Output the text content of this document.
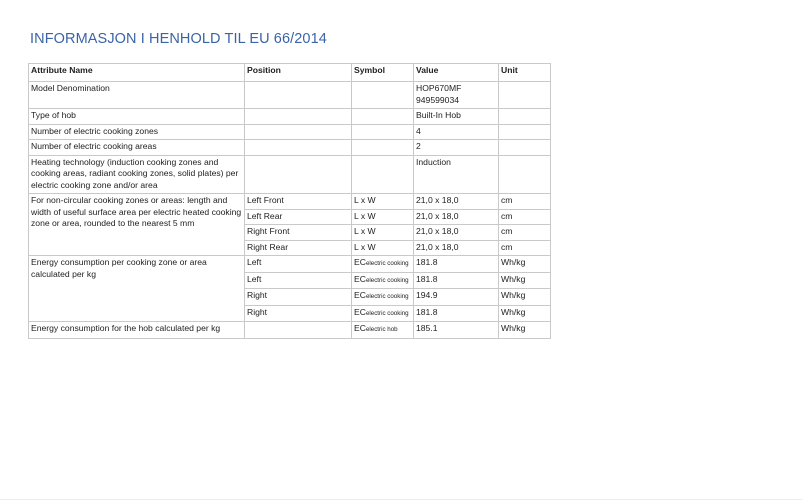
INFORMASJON I HENHOLD TIL EU 66/2014
Attribute Name	Position	Symbol	Value	Unit
Model Denomination			HOP670MF
949599034	

Type of hob			Built-In Hob	
Number of electric cooking zones			4	
Number of electric cooking areas			2	
Heating technology (induction cooking zones and cooking areas, radiant cooking zones, solid plates) per electric cooking zone and/or area			Induction	
For non-circular cooking zones or areas: length and width of useful surface area per electric heated cooking zone or area, rounded to the nearest 5 mm	Left Front	L x W	21,0 x 18,0	cm
	Left Rear	L x W	21,0 x 18,0	cm
	Right Front	L x W	21,0 x 18,0	cm
	Right Rear	L x W	21,0 x 18,0	cm
Energy consumption per cooking zone or area calculated per kg	Left	ECelectric cooking	181.8	Wh/kg
	Left	ECelectric cooking	181.8	Wh/kg
	Right	ECelectric cooking	194.9	Wh/kg
	Right	ECelectric cooking	181.8	Wh/kg
Energy consumption for the hob calculated per kg		ECelectric hob	185.1	Wh/kg
